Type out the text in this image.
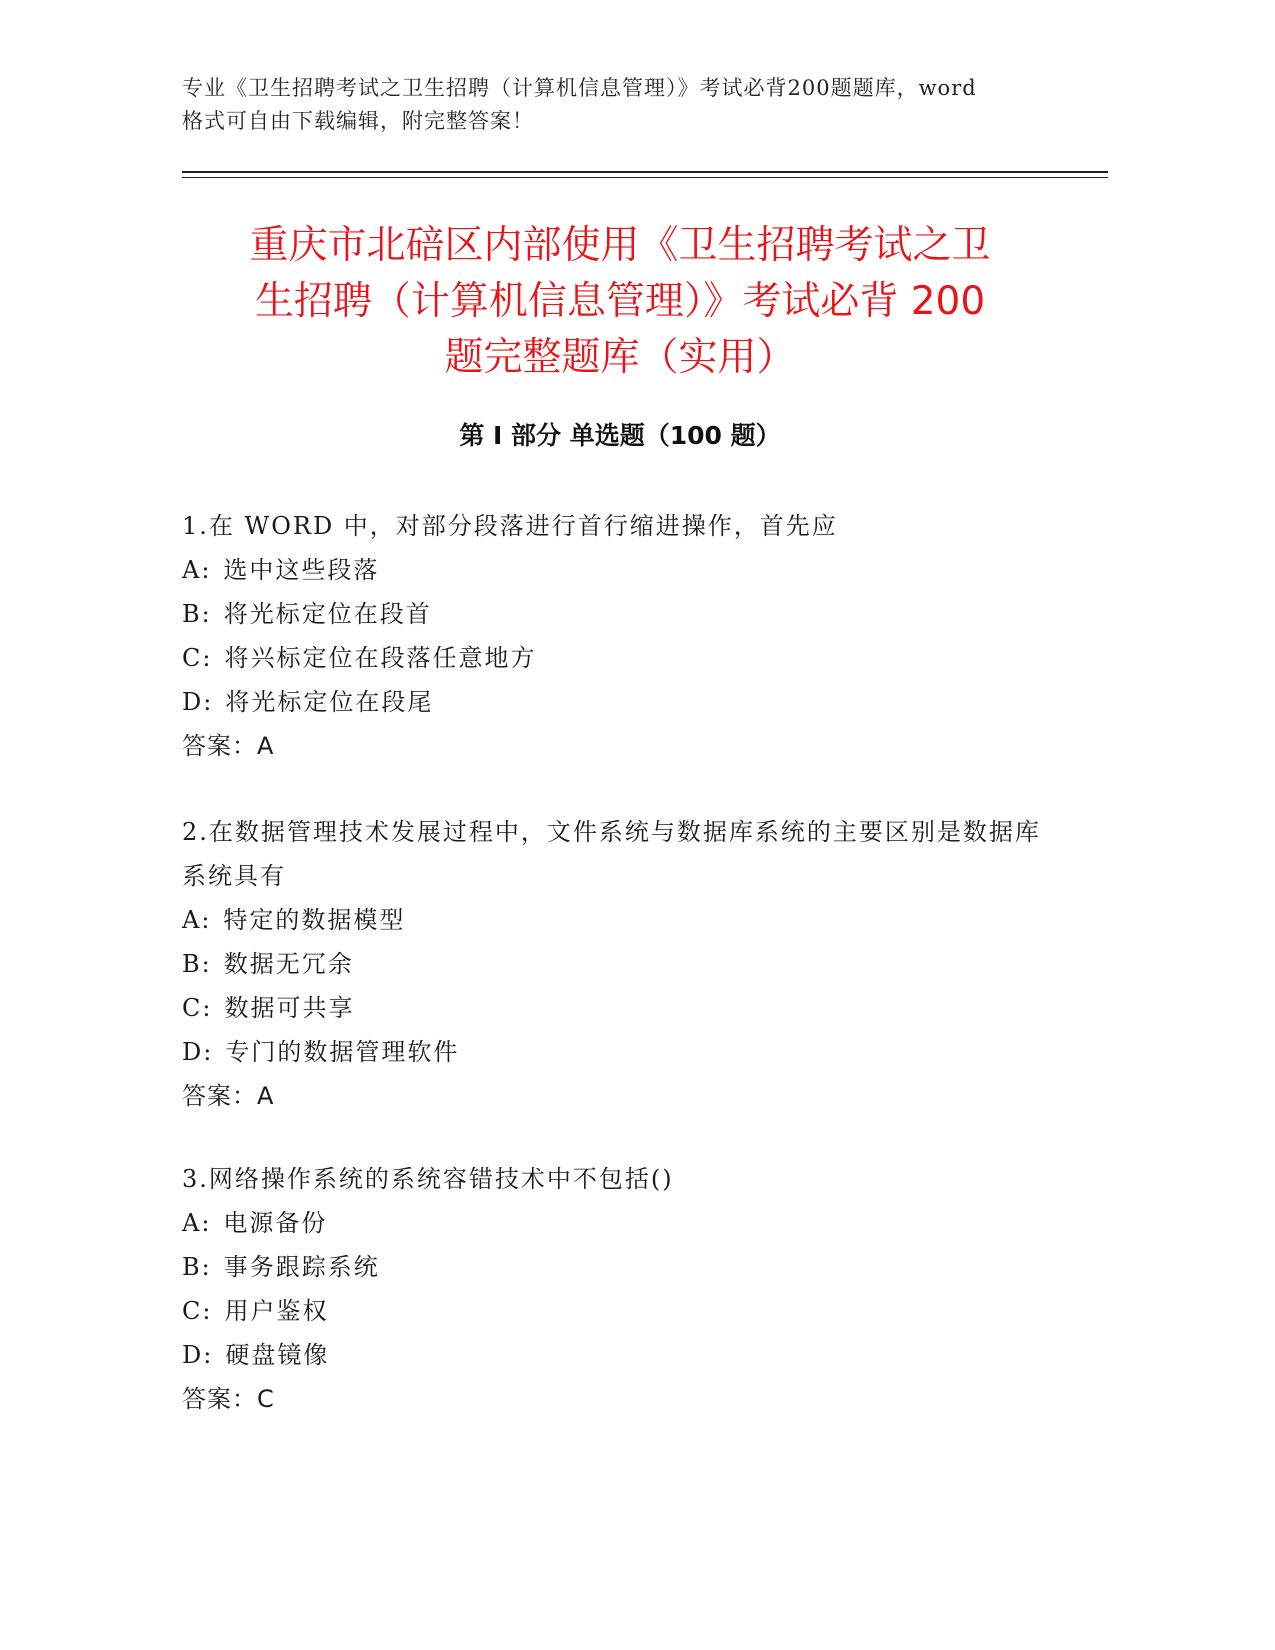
专业《卫生招聘考试之卫生招聘（计算机信息管理）》考试必背200题题库，word
格式可自由下载编辑，附完整答案！
重庆市北碚区内部使用《卫生招聘考试之卫
生招聘（计算机信息管理）》考试必背 200
题完整题库（实用）
第 I 部分 单选题（100 题）

1.在 WORD 中，对部分段落进行首行缩进操作，首先应

A: 选中这些段落

B: 将光标定位在段首

C: 将兴标定位在段落任意地方

D: 将光标定位在段尾

答案：A

2.在数据管理技术发展过程中，文件系统与数据库系统的主要区别是数据库系统具有

A: 特定的数据模型

B: 数据无冗余

C: 数据可共享

D: 专门的数据管理软件

答案：A

3.网络操作系统的系统容错技术中不包括()

A: 电源备份

B: 事务跟踪系统

C: 用户鉴权

D: 硬盘镜像

答案：C
